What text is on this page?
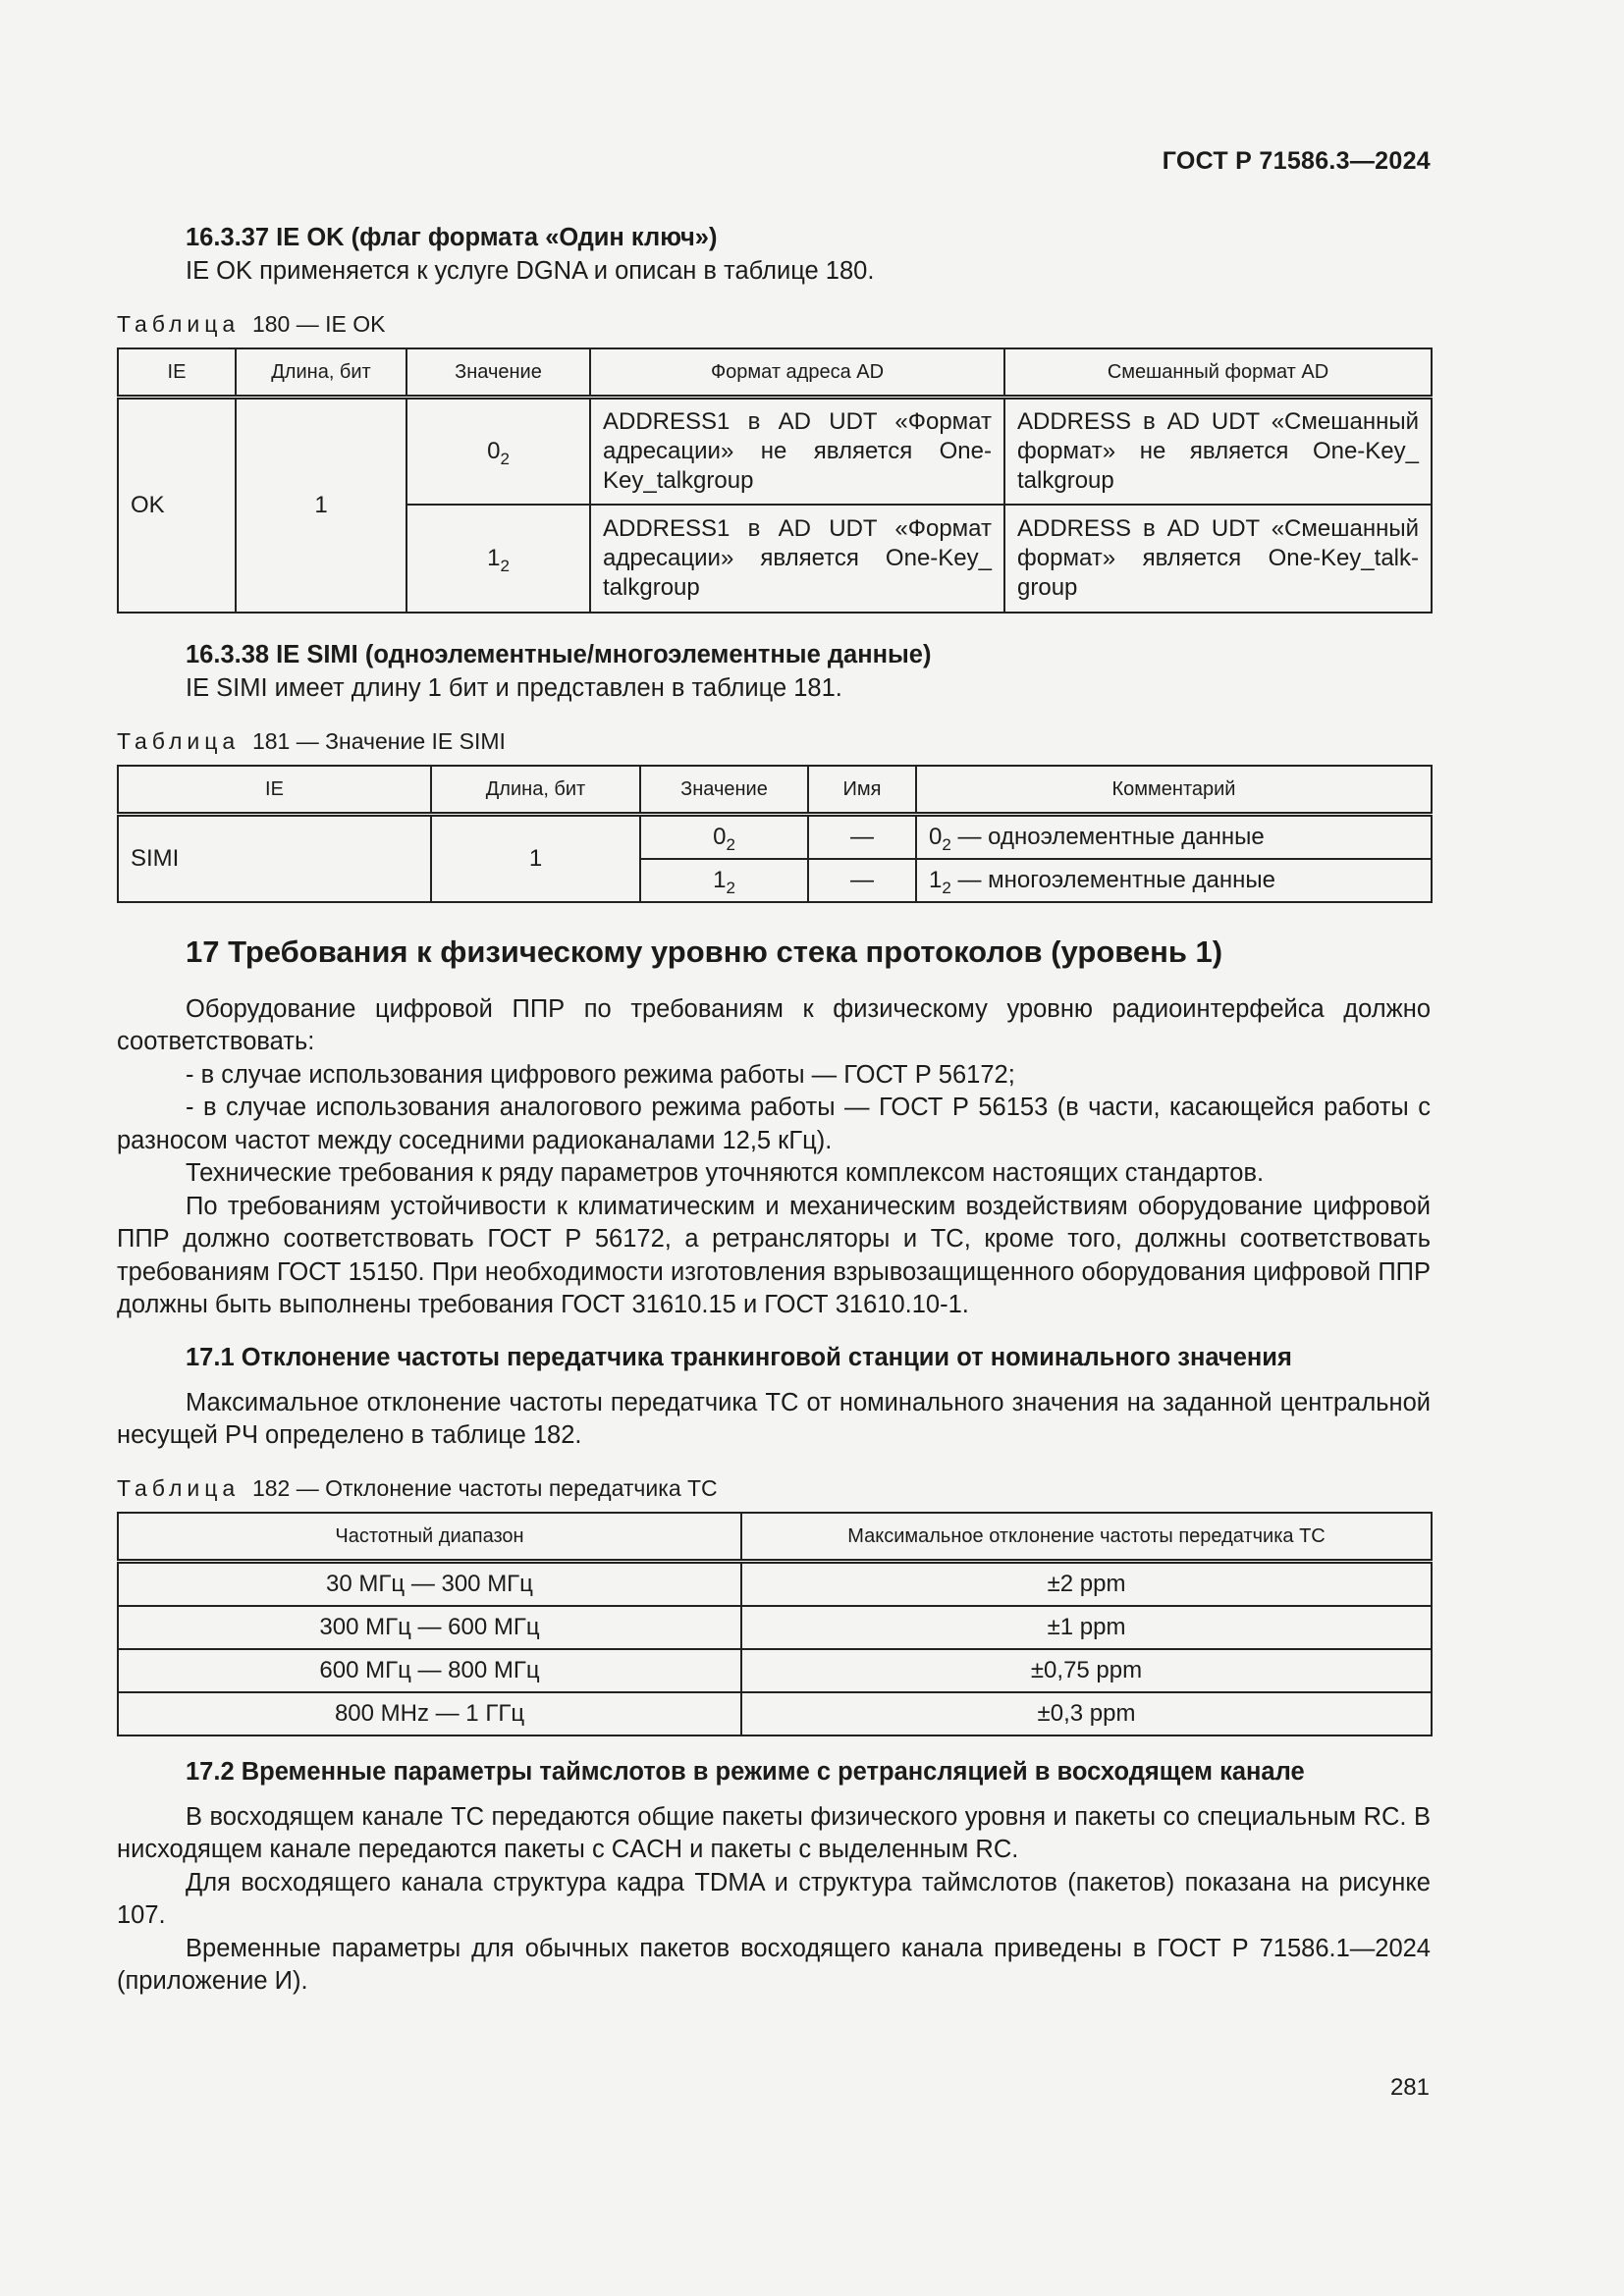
ГОСТ Р 71586.3—2024
16.3.37 IE OK (флаг формата «Один ключ»)

IE OK применяется к услуге DGNA и описан в таблице 180.

Таблица 180 — IE OK
IE	Длина, бит	Значение	Формат адреса AD	Смешанный формат AD
OK	1	$0_2$	ADDRESS1 в AD UDT «Формат адресации» не является One-Key_talkgroup	ADDRESS в AD UDT «Смешанный формат» не является One-Key_ talkgroup
		$1_2$	ADDRESS1 в AD UDT «Формат адресации» является One-Key_ talkgroup	ADDRESS в AD UDT «Смешанный формат» является One-Key_talk-group
16.3.38 IE SIMI (одноэлементные/многоэлементные данные)

IE SIMI имеет длину 1 бит и представлен в таблице 181.

Таблица 181 — Значение IE SIMI
IE	Длина, бит	Значение	Имя	Комментарий
SIMI	1	$0_2$	—	$0_2$ — одноэлементные данные
		$1_2$	—	$1_2$ — многоэлементные данные
17 Требования к физическому уровню стека протоколов (уровень 1)

Оборудование цифровой ППР по требованиям к физическому уровню радиоинтерфейса должно соответствовать:

- в случае использования цифрового режима работы — ГОСТ Р 56172;

- в случае использования аналогового режима работы — ГОСТ Р 56153 (в части, касающейся работы с разносом частот между соседними радиоканалами 12,5 кГц).

Технические требования к ряду параметров уточняются комплексом настоящих стандартов.

По требованиям устойчивости к климатическим и механическим воздействиям оборудование цифровой ППР должно соответствовать ГОСТ Р 56172, а ретрансляторы и ТС, кроме того, должны соответствовать требованиям ГОСТ 15150. При необходимости изготовления взрывозащищенного оборудования цифровой ППР должны быть выполнены требования ГОСТ 31610.15 и ГОСТ 31610.10-1.

17.1 Отклонение частоты передатчика транкинговой станции от номинального значения

Максимальное отклонение частоты передатчика ТС от номинального значения на заданной центральной несущей РЧ определено в таблице 182.

Таблица 182 — Отклонение частоты передатчика ТС
Частотный диапазон	Максимальное отклонение частоты передатчика ТС
30 МГц — 300 МГц	±2 ppm
300 МГц — 600 МГц	±1 ppm
600 МГц — 800 МГц	±0,75 ppm
800 MHz — 1 ГГц	±0,3 ppm
17.2 Временные параметры таймслотов в режиме с ретрансляцией в восходящем канале

В восходящем канале ТС передаются общие пакеты физического уровня и пакеты со специальным RC. В нисходящем канале передаются пакеты с CACH и пакеты с выделенным RC.

Для восходящего канала структура кадра TDMA и структура таймслотов (пакетов) показана на рисунке 107.

Временные параметры для обычных пакетов восходящего канала приведены в ГОСТ Р 71586.1—2024 (приложение И).

281
